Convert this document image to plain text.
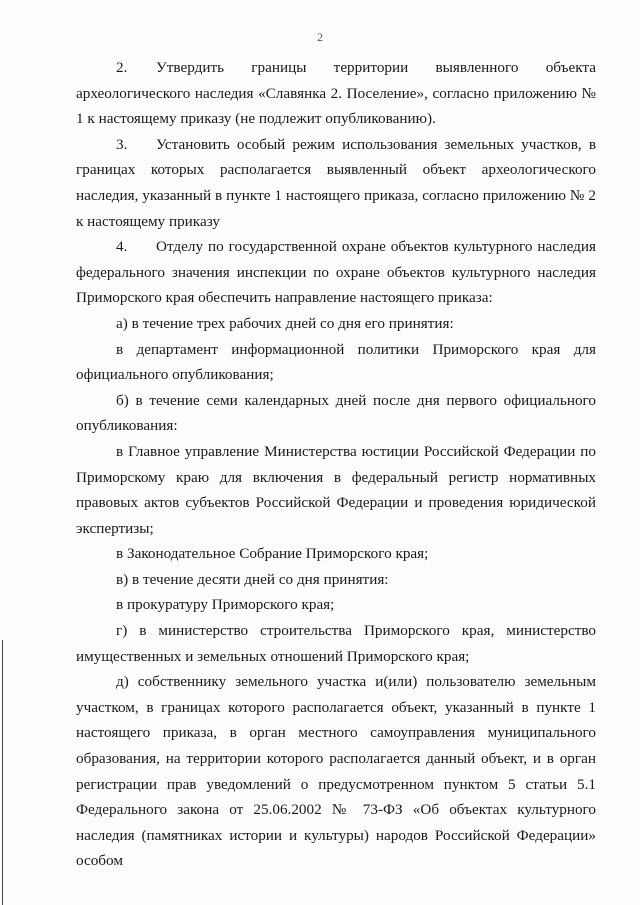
2

2. Утвердить границы территории выявленного объекта археологического наследия «Славянка 2. Поселение», согласно приложению № 1 к настоящему приказу (не подлежит опубликованию).

3. Установить особый режим использования земельных участков, в границах которых располагается выявленный объект археологического наследия, указанный в пункте 1 настоящего приказа, согласно приложению № 2 к настоящему приказу

4. Отделу по государственной охране объектов культурного наследия федерального значения инспекции по охране объектов культурного наследия Приморского края обеспечить направление настоящего приказа:

а) в течение трех рабочих дней со дня его принятия:

в департамент информационной политики Приморского края для официального опубликования;

б) в течение семи календарных дней после дня первого официального опубликования:

в Главное управление Министерства юстиции Российской Федерации по Приморскому краю для включения в федеральный регистр нормативных правовых актов субъектов Российской Федерации и проведения юридической экспертизы;

в Законодательное Собрание Приморского края;

в) в течение десяти дней со дня принятия:

в прокуратуру Приморского края;

г) в министерство строительства Приморского края, министерство имущественных и земельных отношений Приморского края;

д) собственнику земельного участка и(или) пользователю земельным участком, в границах которого располагается объект, указанный в пункте 1 настоящего приказа, в орган местного самоуправления муниципального образования, на территории которого располагается данный объект, и в орган регистрации прав уведомлений о предусмотренном пунктом 5 статьи 5.1 Федерального закона от 25.06.2002 № 73-ФЗ «Об объектах культурного наследия (памятниках истории и культуры) народов Российской Федерации» особом
